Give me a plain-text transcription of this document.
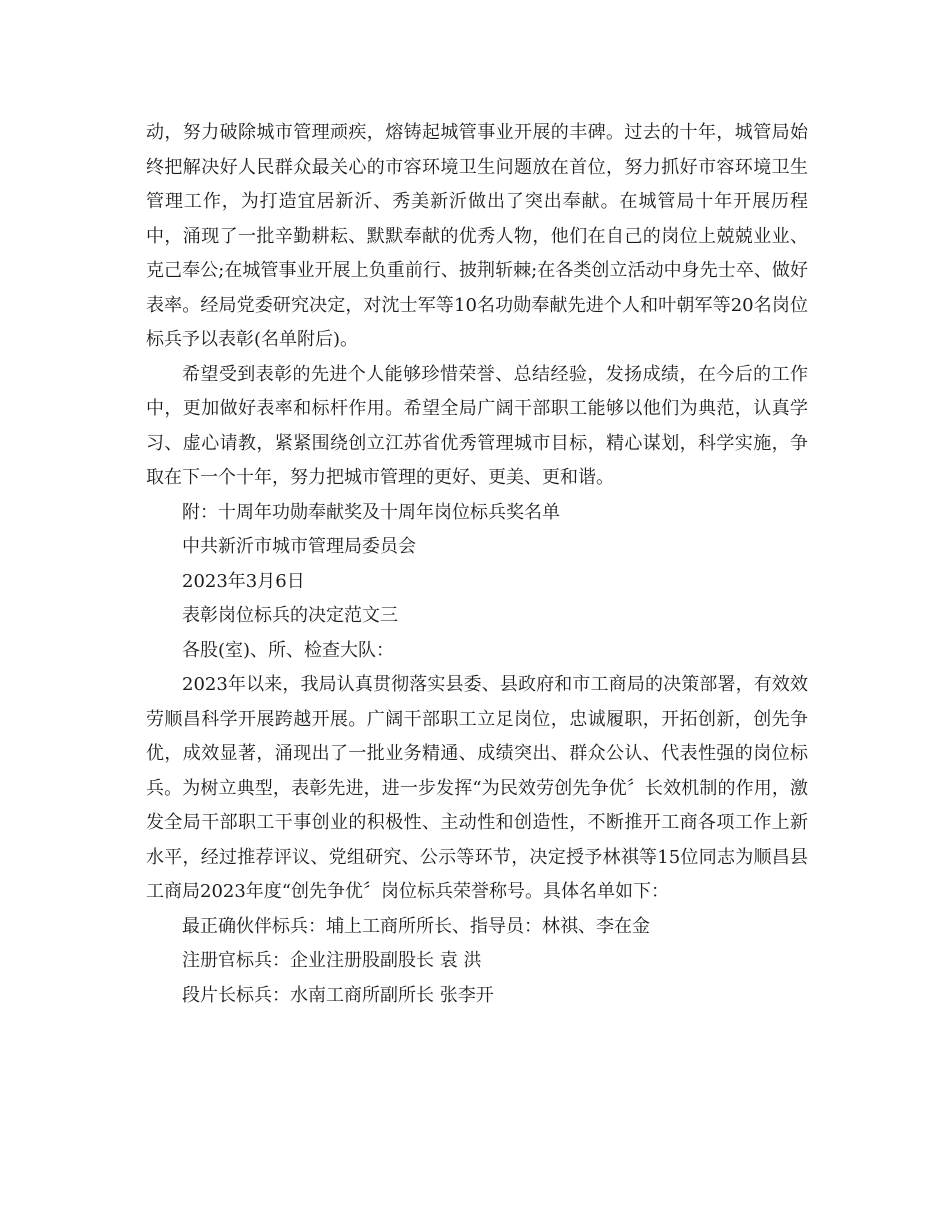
动，努力破除城市管理顽疾，熔铸起城管事业开展的丰碑。过去的十年，城管局始终把解决好人民群众最关心的市容环境卫生问题放在首位，努力抓好市容环境卫生管理工作，为打造宜居新沂、秀美新沂做出了突出奉献。在城管局十年开展历程中，涌现了一批辛勤耕耘、默默奉献的优秀人物，他们在自己的岗位上兢兢业业、克己奉公;在城管事业开展上负重前行、披荆斩棘;在各类创立活动中身先士卒、做好表率。经局党委研究决定，对沈士军等10名功勋奉献先进个人和叶朝军等20名岗位标兵予以表彰(名单附后)。

希望受到表彰的先进个人能够珍惜荣誉、总结经验，发扬成绩，在今后的工作中，更加做好表率和标杆作用。希望全局广阔干部职工能够以他们为典范，认真学习、虚心请教，紧紧围绕创立江苏省优秀管理城市目标，精心谋划，科学实施，争取在下一个十年，努力把城市管理的更好、更美、更和谐。

附：十周年功勋奉献奖及十周年岗位标兵奖名单

中共新沂市城市管理局委员会

2023年3月6日

表彰岗位标兵的决定范文三

各股(室)、所、检查大队：

2023年以来，我局认真贯彻落实县委、县政府和市工商局的决策部署，有效效劳顺昌科学开展跨越开展。广阔干部职工立足岗位，忠诚履职，开拓创新，创先争优，成效显著，涌现出了一批业务精通、成绩突出、群众公认、代表性强的岗位标兵。为树立典型，表彰先进，进一步发挥“为民效劳创先争优〞长效机制的作用，激发全局干部职工干事创业的积极性、主动性和创造性，不断推开工商各项工作上新水平，经过推荐评议、党组研究、公示等环节，决定授予林祺等15位同志为顺昌县工商局2023年度“创先争优〞岗位标兵荣誉称号。具体名单如下：

最正确伙伴标兵：埔上工商所所长、指导员：林祺、李在金

注册官标兵：企业注册股副股长 袁 洪

段片长标兵：水南工商所副所长 张李开
